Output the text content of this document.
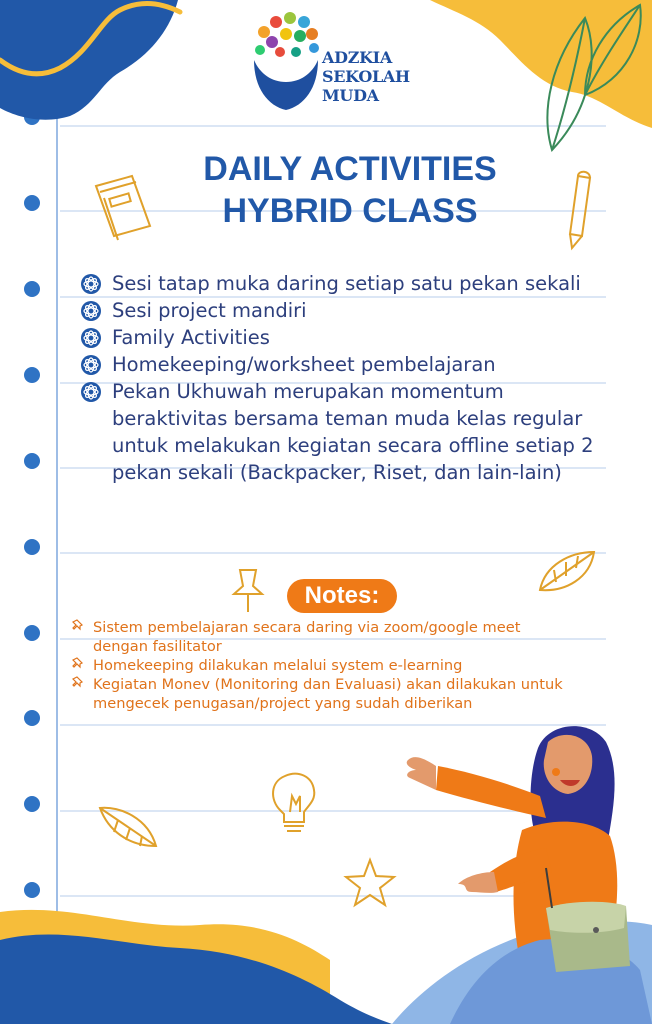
ADZKIA
SEKOLAH
MUDA
DAILY ACTIVITIES
HYBRID CLASS
Sesi tatap muka daring setiap satu pekan sekali
Sesi project mandiri
Family Activities
Homekeeping/worksheet pembelajaran
Pekan Ukhuwah merupakan momentum beraktivitas bersama teman muda kelas regular untuk melakukan kegiatan secara offline setiap 2 pekan sekali (Backpacker, Riset, dan lain-lain)
Notes:
Sistem pembelajaran secara daring via zoom/google meet dengan fasilitator
Homekeeping dilakukan melalui system e-learning
Kegiatan Monev (Monitoring dan Evaluasi) akan dilakukan untuk mengecek penugasan/project yang sudah diberikan
